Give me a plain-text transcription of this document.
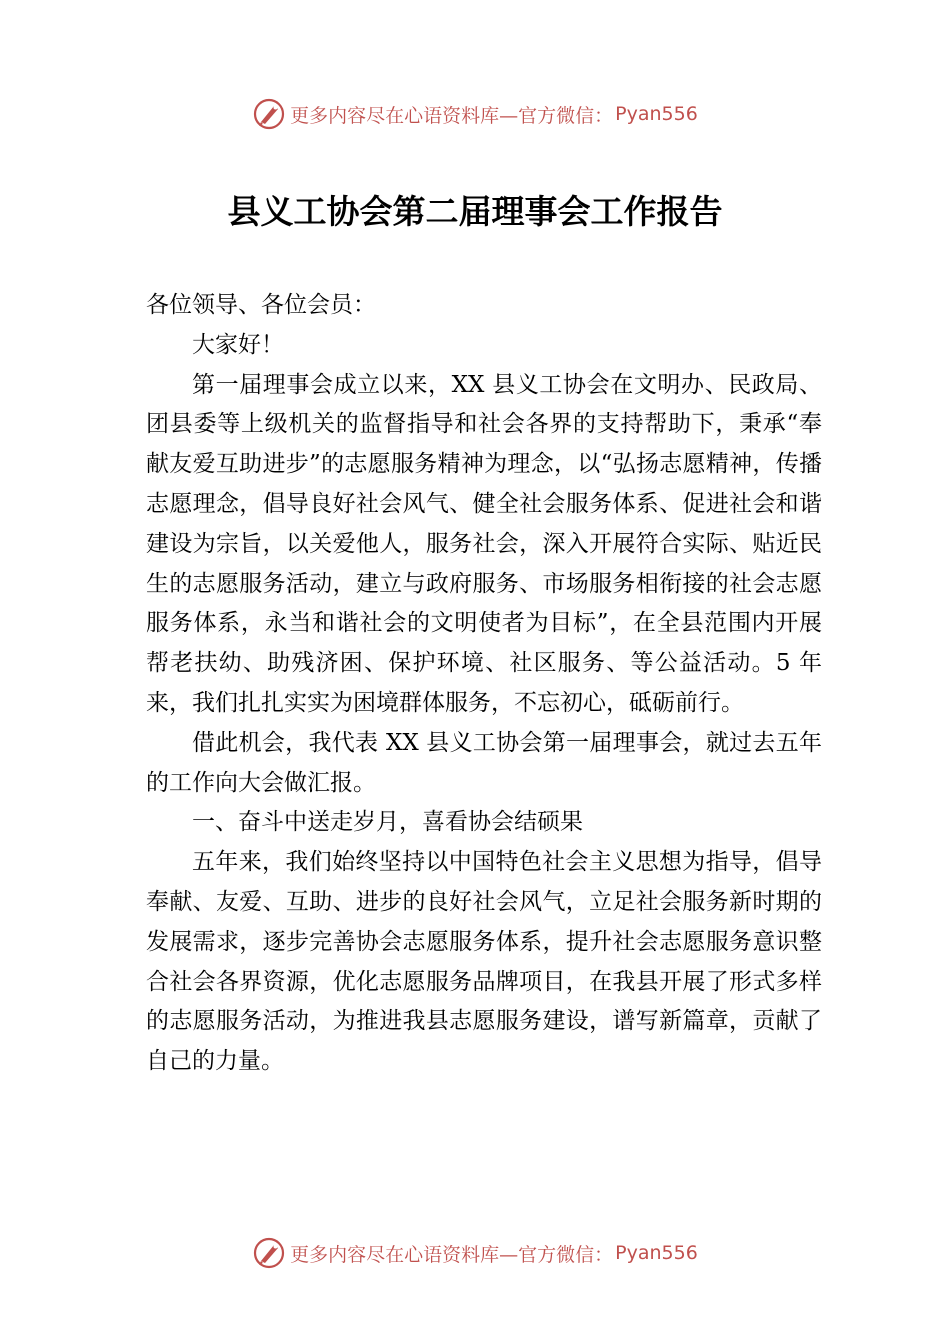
更多内容尽在心语资料库—官方微信： Pyan556
县义工协会第二届理事会工作报告

各位领导、各位会员：

大家好！

第一届理事会成立以来，XX 县义工协会在文明办、民政局、团县委等上级机关的监督指导和社会各界的支持帮助下，秉承“奉献友爱互助进步”的志愿服务精神为理念，以“弘扬志愿精神，传播志愿理念，倡导良好社会风气、健全社会服务体系、促进社会和谐建设为宗旨，以关爱他人，服务社会，深入开展符合实际、贴近民生的志愿服务活动，建立与政府服务、市场服务相衔接的社会志愿服务体系，永当和谐社会的文明使者为目标”，在全县范围内开展帮老扶幼、助残济困、保护环境、社区服务、等公益活动。5 年来，我们扎扎实实为困境群体服务，不忘初心，砥砺前行。

借此机会，我代表 XX 县义工协会第一届理事会，就过去五年的工作向大会做汇报。

一、奋斗中送走岁月，喜看协会结硕果

五年来，我们始终坚持以中国特色社会主义思想为指导，倡导奉献、友爱、互助、进步的良好社会风气，立足社会服务新时期的发展需求，逐步完善协会志愿服务体系，提升社会志愿服务意识整合社会各界资源，优化志愿服务品牌项目，在我县开展了形式多样的志愿服务活动，为推进我县志愿服务建设，谱写新篇章，贡献了自己的力量。

更多内容尽在心语资料库—官方微信： Pyan556
